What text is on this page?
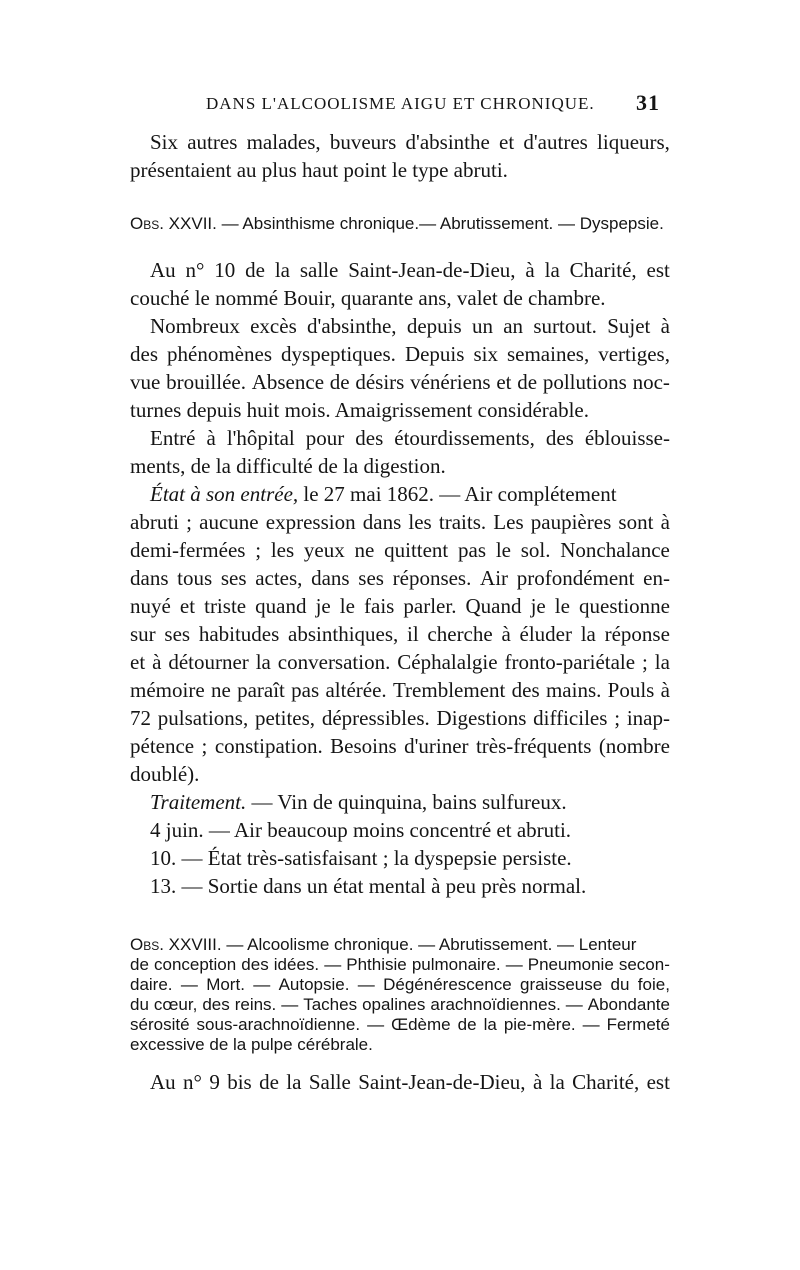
DANS L'ALCOOLISME AIGU ET CHRONIQUE. 31
Six autres malades, buveurs d'absinthe et d'autres liqueurs,
présentaient au plus haut point le type abruti.
Obs. XXVII. — Absinthisme chronique.— Abrutissement. — Dyspepsie.
Au n° 10 de la salle Saint-Jean-de-Dieu, à la Charité, est
couché le nommé Bouir, quarante ans, valet de chambre.
Nombreux excès d'absinthe, depuis un an surtout. Sujet à
des phénomènes dyspeptiques. Depuis six semaines, vertiges,
vue brouillée. Absence de désirs vénériens et de pollutions noc-
turnes depuis huit mois. Amaigrissement considérable.
Entré à l'hôpital pour des étourdissements, des éblouisse-
ments, de la difficulté de la digestion.
État à son entrée, le 27 mai 1862. — Air complétement
abruti ; aucune expression dans les traits. Les paupières sont à
demi-fermées ; les yeux ne quittent pas le sol. Nonchalance
dans tous ses actes, dans ses réponses. Air profondément en-
nuyé et triste quand je le fais parler. Quand je le questionne
sur ses habitudes absinthiques, il cherche à éluder la réponse
et à détourner la conversation. Céphalalgie fronto-pariétale ; la
mémoire ne paraît pas altérée. Tremblement des mains. Pouls à
72 pulsations, petites, dépressibles. Digestions difficiles ; inap-
pétence ; constipation. Besoins d'uriner très-fréquents (nombre
doublé).
Traitement. — Vin de quinquina, bains sulfureux.
4 juin. — Air beaucoup moins concentré et abruti.
10. — État très-satisfaisant ; la dyspepsie persiste.
13. — Sortie dans un état mental à peu près normal.
Obs. XXVIII. — Alcoolisme chronique. — Abrutissement. — Lenteur
de conception des idées. — Phthisie pulmonaire. — Pneumonie secon-
daire. — Mort. — Autopsie. — Dégénérescence graisseuse du foie,
du cœur, des reins. — Taches opalines arachnoïdiennes. — Abondante
sérosité sous-arachnoïdienne. — Œdème de la pie-mère. — Fermeté
excessive de la pulpe cérébrale.
Au n° 9 bis de la Salle Saint-Jean-de-Dieu, à la Charité, est
